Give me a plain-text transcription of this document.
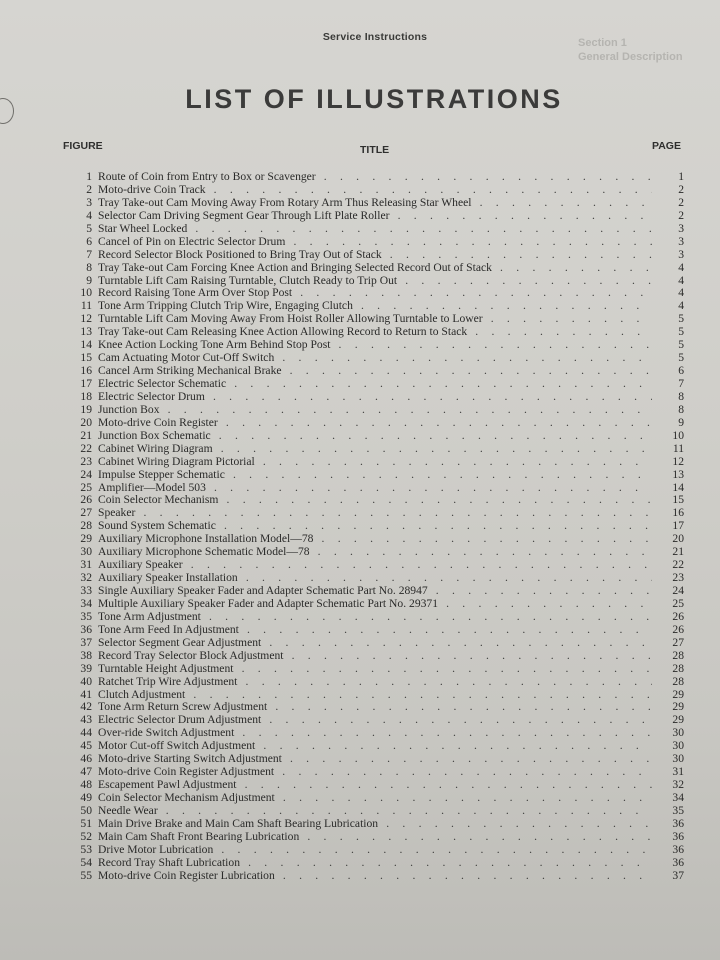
Section 1
General Description
Service Instructions
LIST OF ILLUSTRATIONS
FIGURE	TITLE	PAGE
1 Route of Coin from Entry to Box or Scavenger . . .	1
2 Moto-drive Coin Track . . .	2
3 Tray Take-out Cam Moving Away From Rotary Arm Thus Releasing Star Wheel . . .	2
4 Selector Cam Driving Segment Gear Through Lift Plate Roller . . .	2
5 Star Wheel Locked . . .	3
6 Cancel of Pin on Electric Selector Drum . . .	3
7 Record Selector Block Positioned to Bring Tray Out of Stack . . .	3
8 Tray Take-out Cam Forcing Knee Action and Bringing Selected Record Out of Stack . . .	4
9 Turntable Lift Cam Raising Turntable, Clutch Ready to Trip Out . . .	4
10 Record Raising Tone Arm Over Stop Post . . .	4
11 Tone Arm Tripping Clutch Trip Wire, Engaging Clutch . . .	4
12 Turntable Lift Cam Moving Away From Hoist Roller Allowing Turntable to Lower . . .	5
13 Tray Take-out Cam Releasing Knee Action Allowing Record to Return to Stack . . .	5
14 Knee Action Locking Tone Arm Behind Stop Post . . .	5
15 Cam Actuating Motor Cut-Off Switch . . .	5
16 Cancel Arm Striking Mechanical Brake . . .	6
17 Electric Selector Schematic . . .	7
18 Electric Selector Drum . . .	8
19 Junction Box . . .	8
20 Moto-drive Coin Register . . .	9
21 Junction Box Schematic . . .	10
22 Cabinet Wiring Diagram . . .	11
23 Cabinet Wiring Diagram Pictorial . . .	12
24 Impulse Stepper Schematic . . .	13
25 Amplifier—Model 503 . . .	14
26 Coin Selector Mechanism . . .	15
27 Speaker . . .	16
28 Sound System Schematic . . .	17
29 Auxiliary Microphone Installation Model—78 . . .	20
30 Auxiliary Microphone Schematic Model—78 . . .	21
31 Auxiliary Speaker . . .	22
32 Auxiliary Speaker Installation . . .	23
33 Single Auxiliary Speaker Fader and Adapter Schematic Part No. 28947 . . .	24
34 Multiple Auxiliary Speaker Fader and Adapter Schematic Part No. 29371 . . .	25
35 Tone Arm Adjustment . . .	26
36 Tone Arm Feed In Adjustment . . .	26
37 Selector Segment Gear Adjustment . . .	27
38 Record Tray Selector Block Adjustment . . .	28
39 Turntable Height Adjustment . . .	28
40 Ratchet Trip Wire Adjustment . . .	28
41 Clutch Adjustment . . .	29
42 Tone Arm Return Screw Adjustment . . .	29
43 Electric Selector Drum Adjustment . . .	29
44 Over-ride Switch Adjustment . . .	30
45 Motor Cut-off Switch Adjustment . . .	30
46 Moto-drive Starting Switch Adjustment . . .	30
47 Moto-drive Coin Register Adjustment . . .	31
48 Escapement Pawl Adjustment . . .	32
49 Coin Selector Mechanism Adjustment . . .	34
50 Needle Wear . . .	35
51 Main Drive Brake and Main Cam Shaft Bearing Lubrication . . .	36
52 Main Cam Shaft Front Bearing Lubrication . . .	36
53 Drive Motor Lubrication . . .	36
54 Record Tray Shaft Lubrication . . .	36
55 Moto-drive Coin Register Lubrication . . .	37
